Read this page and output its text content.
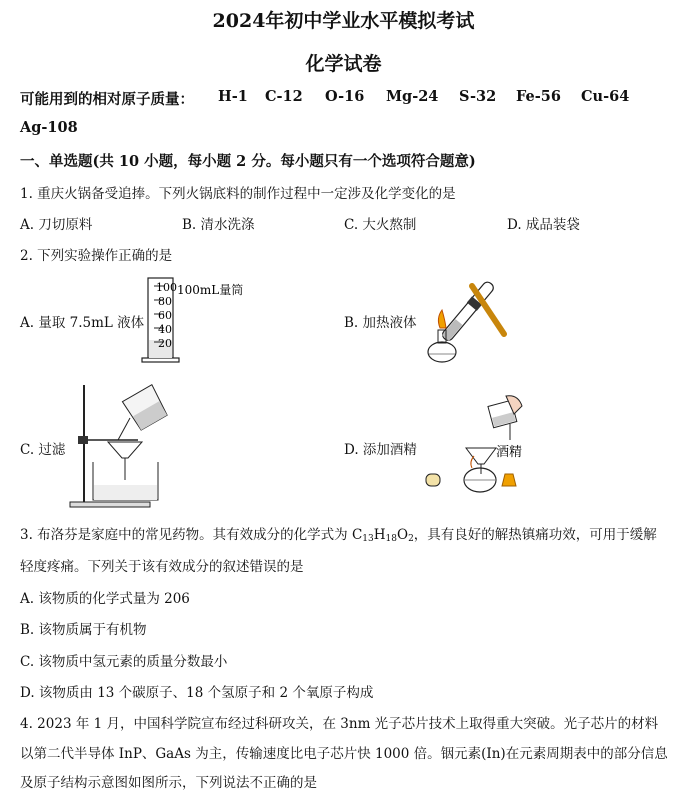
2024年初中学业水平模拟考试
化学试卷
可能用到的相对原子质量： H-1 C-12 O-16 Mg-24 S-32 Fe-56 Cu-64
Ag-108
一、单选题(共 10 小题，每小题 2 分。每小题只有一个选项符合题意)
1. 重庆火锅备受追捧。下列火锅底料的制作过程中一定涉及化学变化的是
A. 刀切原料	B. 清水洗涤	C. 大火熬制	D. 成品装袋
2. 下列实验操作正确的是
A. 量取 7.5mL 液体
100
80
60
40
20
100mL量筒
B. 加热液体
C. 过滤	D. 添加酒精	酒精
3. 布洛芬是家庭中的常见药物。其有效成分的化学式为 $C_{13}H_{18}O_2$，具有良好的解热镇痛功效，可用于缓解
轻度疼痛。下列关于该有效成分的叙述错误的是
A. 该物质的化学式量为 206
B. 该物质属于有机物
C. 该物质中氢元素的质量分数最小
D. 该物质由 13 个碳原子、18 个氢原子和 2 个氧原子构成
4. 2023 年 1 月，中国科学院宣布经过科研攻关，在 3nm 光子芯片技术上取得重大突破。光子芯片的材料
以第二代半导体 InP、GaAs 为主，传输速度比电子芯片快 1000 倍。铟元素(In)在元素周期表中的部分信息
及原子结构示意图如图所示，下列说法不正确的是
